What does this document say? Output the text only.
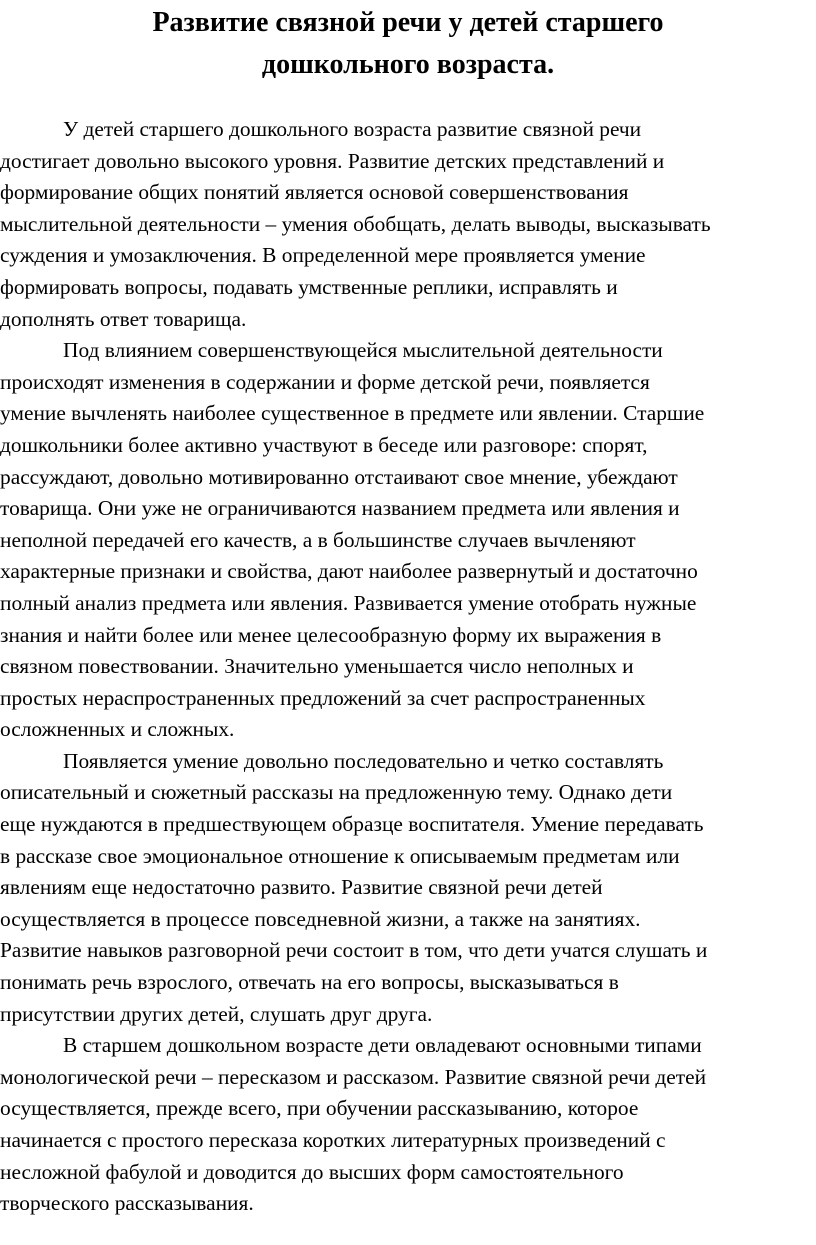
Развитие связной речи у детей старшего
дошкольного возраста.

У детей старшего дошкольного возраста развитие связной речи
достигает довольно высокого уровня. Развитие детских представлений и
формирование общих понятий является основой совершенствования
мыслительной деятельности – умения обобщать, делать выводы, высказывать
суждения и умозаключения. В определенной мере проявляется умение
формировать вопросы, подавать умственные реплики, исправлять и
дополнять ответ товарища.

Под влиянием совершенствующейся мыслительной деятельности
происходят изменения в содержании и форме детской речи, появляется
умение вычленять наиболее существенное в предмете или явлении. Старшие
дошкольники более активно участвуют в беседе или разговоре: спорят,
рассуждают, довольно мотивированно отстаивают свое мнение, убеждают
товарища. Они уже не ограничиваются названием предмета или явления и
неполной передачей его качеств, а в большинстве случаев вычленяют
характерные признаки и свойства, дают наиболее развернутый и достаточно
полный анализ предмета или явления. Развивается умение отобрать нужные
знания и найти более или менее целесообразную форму их выражения в
связном повествовании. Значительно уменьшается число неполных и
простых нераспространенных предложений за счет распространенных
осложненных и сложных.

Появляется умение довольно последовательно и четко составлять
описательный и сюжетный рассказы на предложенную тему. Однако дети
еще нуждаются в предшествующем образце воспитателя. Умение передавать
в рассказе свое эмоциональное отношение к описываемым предметам или
явлениям еще недостаточно развито. Развитие связной речи детей
осуществляется в процессе повседневной жизни, а также на занятиях.
Развитие навыков разговорной речи состоит в том, что дети учатся слушать и
понимать речь взрослого, отвечать на его вопросы, высказываться в
присутствии других детей, слушать друг друга.

В старшем дошкольном возрасте дети овладевают основными типами
монологической речи – пересказом и рассказом. Развитие связной речи детей
осуществляется, прежде всего, при обучении рассказыванию, которое
начинается с простого пересказа коротких литературных произведений с
несложной фабулой и доводится до высших форм самостоятельного
творческого рассказывания.
